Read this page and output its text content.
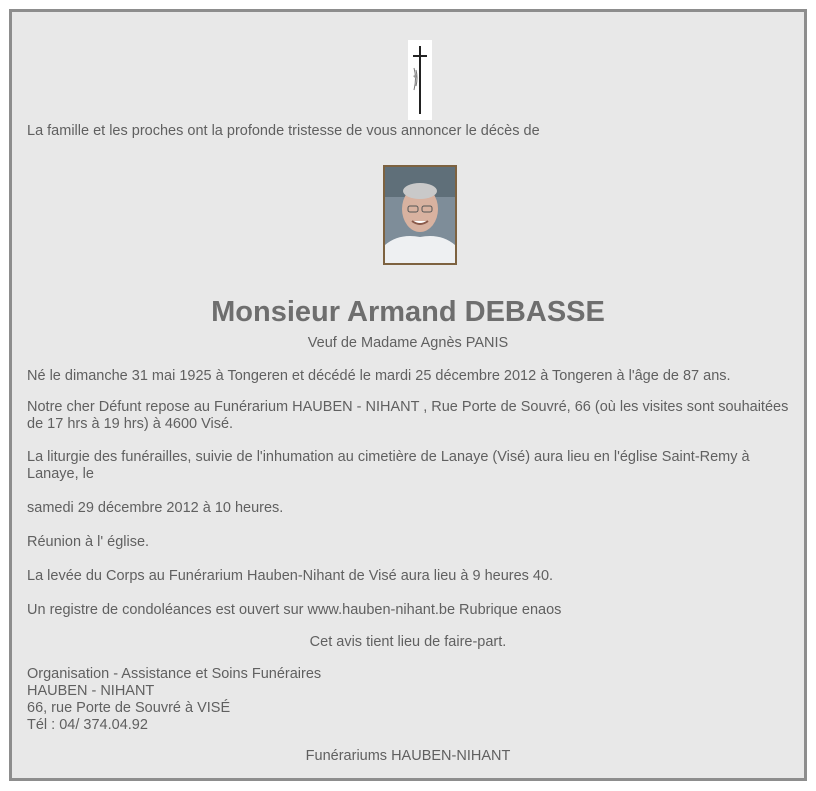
La famille et les proches ont la profonde tristesse de vous annoncer le décès de
Monsieur Armand DEBASSE
Veuf de Madame Agnès PANIS
Né le dimanche 31 mai 1925 à Tongeren et décédé le mardi 25 décembre 2012 à Tongeren à l'âge de 87 ans.
Notre cher Défunt repose au Funérarium HAUBEN - NIHANT , Rue Porte de Souvré, 66 (où les visites sont souhaitées de 17 hrs à 19 hrs) à 4600 Visé.
La liturgie des funérailles, suivie de l'inhumation au cimetière de Lanaye (Visé) aura lieu en l'église Saint-Remy à Lanaye, le
samedi 29 décembre 2012 à 10 heures.
Réunion à l' église.
La levée du Corps au Funérarium Hauben-Nihant de Visé aura lieu à 9 heures 40.
Un registre de condoléances est ouvert sur www.hauben-nihant.be Rubrique enaos
Cet avis tient lieu de faire-part.
Organisation - Assistance et Soins Funéraires
HAUBEN - NIHANT
66, rue Porte de Souvré à VISÉ
Tél : 04/ 374.04.92
Funérariums HAUBEN-NIHANT
